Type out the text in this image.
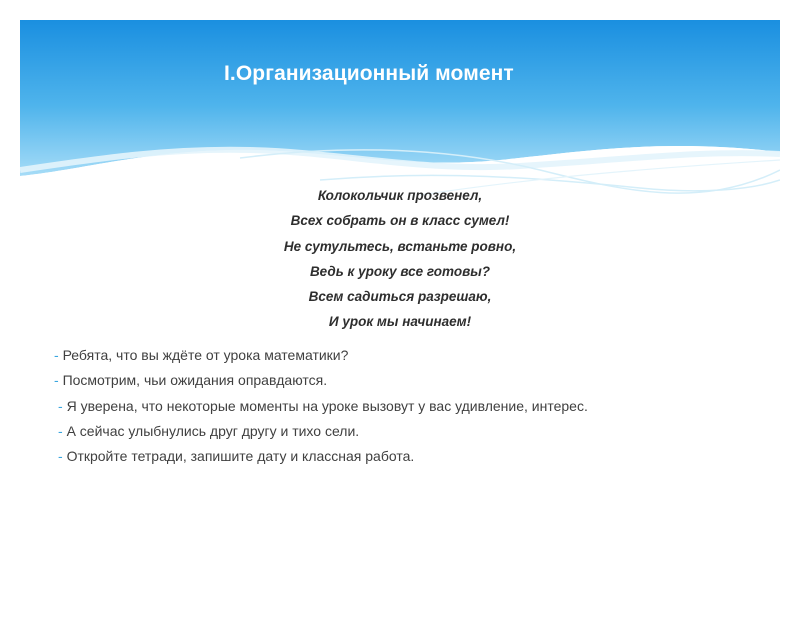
I.Организационный момент
Колокольчик прозвенел,
Всех собрать он в класс сумел!
Не сутультесь, встаньте ровно,
Ведь к уроку все готовы?
Всем садиться разрешаю,
И урок мы начинаем!
- Ребята, что вы ждёте от урока математики?
- Посмотрим, чьи ожидания оправдаются.
- Я уверена, что некоторые моменты на уроке вызовут у вас удивление, интерес.
- А сейчас улыбнулись друг другу и тихо сели.
- Откройте тетради, запишите дату и классная работа.
